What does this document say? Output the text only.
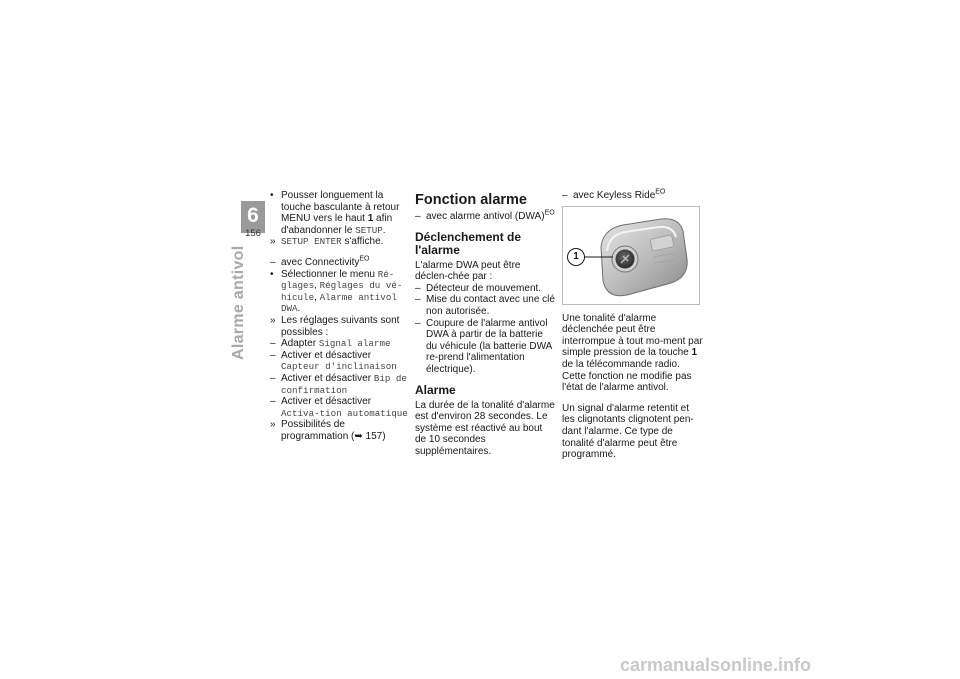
6
156
Alarme antivol

• Pousser longuement la touche basculante à retour MENU vers le haut 1 afin d'abandonner le SETUP.

» SETUP ENTER s'affiche.

– avec Connectivity$^{EO}$

• Sélectionner le menu Ré-glages, Réglages du vé-hicule, Alarme antivol DWA.

» Les réglages suivants sont possibles :

– Adapter Signal alarme

– Activer et désactiver Capteur d'inclinaison

– Activer et désactiver Bip de confirmation

– Activer et désactiver Activa-tion automatique

» Possibilités de programmation (➥ 157)

Fonction alarme

– avec alarme antivol (DWA)$^{EO}$

Déclenchement de l'alarme

L'alarme DWA peut être déclen-chée par :

– Détecteur de mouvement.

– Mise du contact avec une clé non autorisée.

– Coupure de l'alarme antivol DWA à partir de la batterie du véhicule (la batterie DWA re-prend l'alimentation électrique).

Alarme

La durée de la tonalité d'alarme est d'environ 28 secondes. Le système est réactivé au bout de 10 secondes supplémentaires.

– avec Keyless Ride$^{EO}$

1

Une tonalité d'alarme déclenchée peut être interrompue à tout mo-ment par simple pression de la touche 1 de la télécommande radio. Cette fonction ne modifie pas l'état de l'alarme antivol.

Un signal d'alarme retentit et les clignotants clignotent pen-dant l'alarme. Ce type de tonalité d'alarme peut être programmé.

carmanualsonline.info
